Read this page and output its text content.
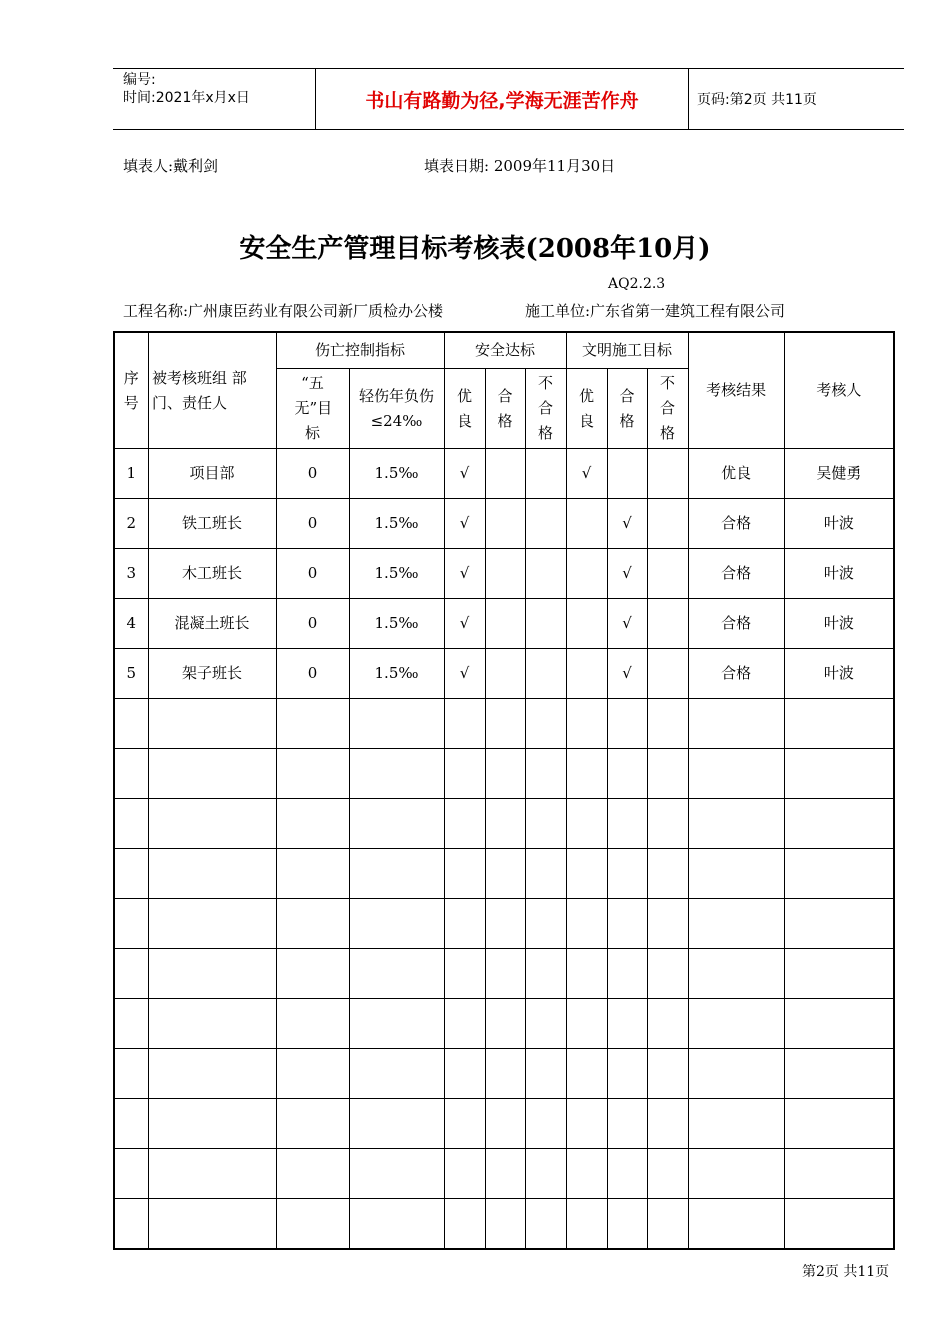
编号:
时间:2021年x月x日	书山有路勤为径,学海无涯苦作舟	页码:第2页 共11页
填表人:戴利剑	填表日期: 2009年11月30日
安全生产管理目标考核表(2008年10月)
AQ2.2.3
工程名称:广州康臣药业有限公司新厂质检办公楼	施工单位:广东省第一建筑工程有限公司
序号	被考核班组 部门、责任人	伤亡控制指标		安全达标			文明施工目标			考核结果	考核人

		“五无”目标	轻伤年负伤≤24‰	优良	合格	不合格	优良	合格	不合格		

1	项目部	0	1.5‰	√			√			优良	吴健勇
2	铁工班长	0	1.5‰	√				√		合格	叶波
3	木工班长	0	1.5‰	√				√		合格	叶波
4	混凝土班长	0	1.5‰	√				√		合格	叶波
5	架子班长	0	1.5‰	√				√		合格	叶波

第2页 共11页
